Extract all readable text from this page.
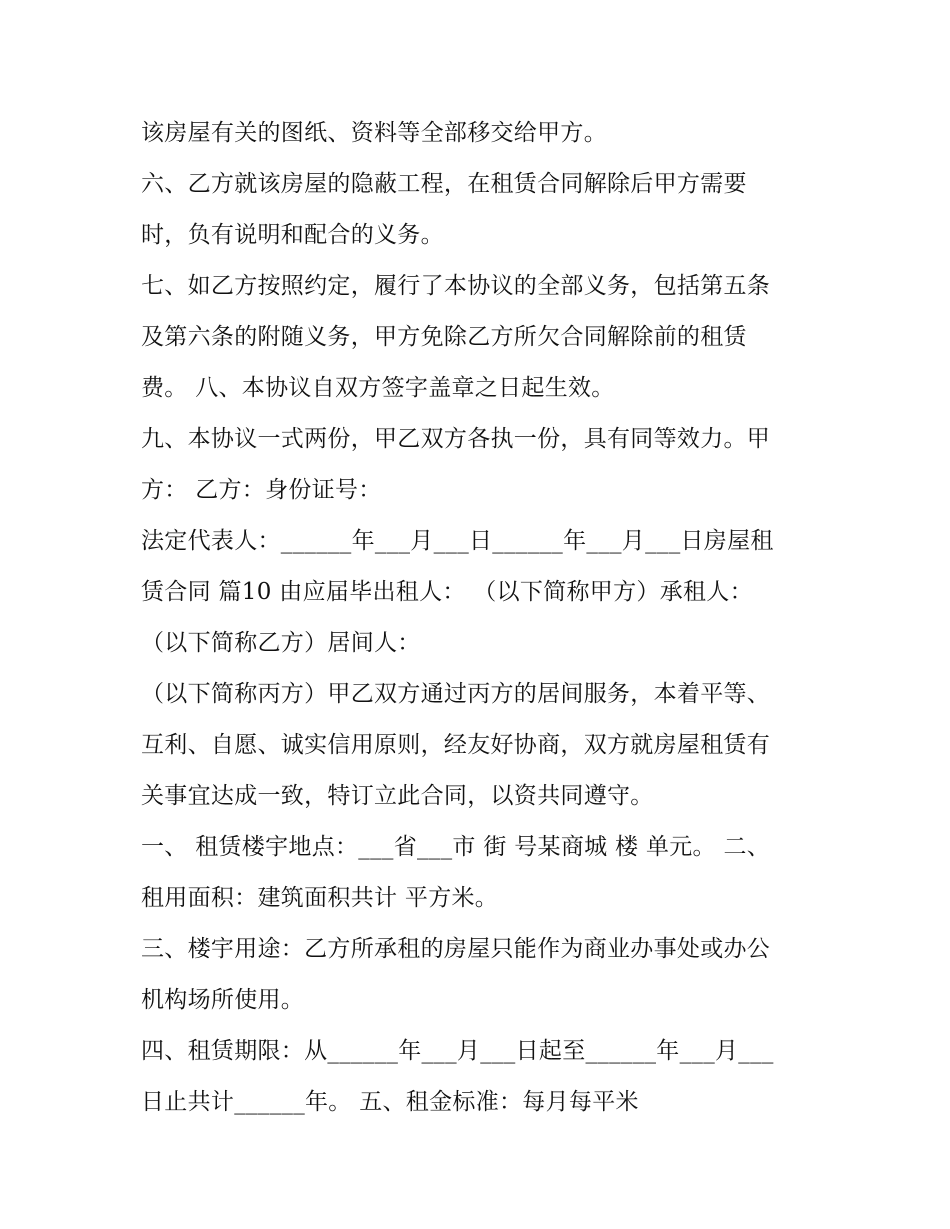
该房屋有关的图纸、资料等全部移交给甲方。
六、乙方就该房屋的隐蔽工程，在租赁合同解除后甲方需要
时，负有说明和配合的义务。
七、如乙方按照约定，履行了本协议的全部义务，包括第五条
及第六条的附随义务，甲方免除乙方所欠合同解除前的租赁
费。 八、本协议自双方签字盖章之日起生效。
九、本协议一式两份，甲乙双方各执一份，具有同等效力。甲
方： 乙方：身份证号：
法定代表人：______年___月___日______年___月___日房屋租
赁合同 篇10 由应届毕出租人： （以下简称甲方）承租人：
（以下简称乙方）居间人：
（以下简称丙方）甲乙双方通过丙方的居间服务，本着平等、
互利、自愿、诚实信用原则，经友好协商，双方就房屋租赁有
关事宜达成一致，特订立此合同，以资共同遵守。
一、 租赁楼宇地点：___省___市 街 号某商城 楼 单元。 二、
租用面积：建筑面积共计 平方米。
三、楼宇用途：乙方所承租的房屋只能作为商业办事处或办公
机构场所使用。
四、租赁期限：从______年___月___日起至______年___月___
日止共计______年。 五、租金标准：每月每平米
